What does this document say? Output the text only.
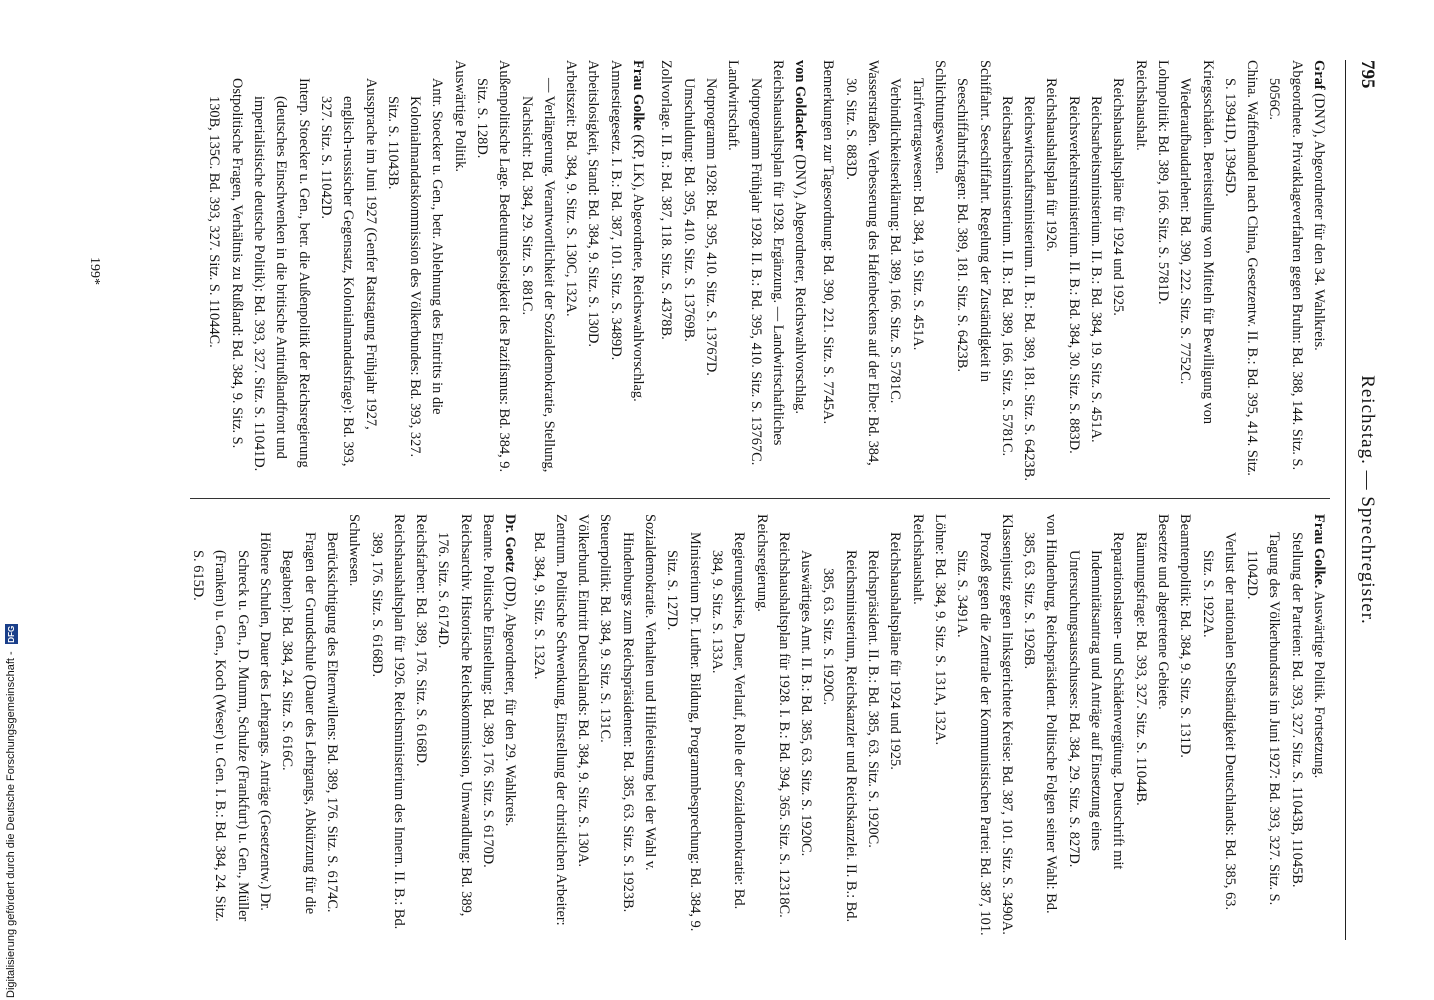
795
Reichstag. — Sprechregister.

Graf (DNV), Abgeordneter für den 34. Wahlkreis.

Abgeordnete. Privatklageverfahren gegen Bruhn: Bd. 388, 144. Sitz. S. 5056C.

China. Waffenhandel nach China, Gesetzentw. II. B.: Bd. 395, 414. Sitz. S. 13941D, 13945D.

Kriegsschäden. Bereitstellung von Mitteln für Bewilligung von Wiederaufbaudarlehen: Bd. 390, 222. Sitz. S. 7752C.

Lohnpolitik: Bd. 389, 166. Sitz. S. 5781D.

Reichshaushalt.

Reichshaushaltspläne für 1924 und 1925.

Reichsarbeitsministerium. II. B.: Bd. 384, 19. Sitz. S. 451A.

Reichsverkehrsministerium. II. B.: Bd. 384, 30. Sitz. S. 883D.

Reichshaushaltsplan für 1926.

Reichswirtschaftsministerium. II. B.: Bd. 389, 181. Sitz. S. 6423B.

Reichsarbeitsministerium. II. B.: Bd. 389, 166. Sitz. S. 5781C.

Schiffahrt. Seeschiffahrt. Regelung der Zuständigkeit in Seeschiffahrtsfragen: Bd. 389, 181. Sitz. S. 6423B.

Schlichtungswesen.

Tarifvertragswesen: Bd. 384, 19. Sitz. S. 451A.

Verbindlichkeitserklärung: Bd. 389, 166. Sitz. S. 5781C.

Wasserstraßen. Verbesserung des Hafenbeckens auf der Elbe: Bd. 384, 30. Sitz. S. 883D.

Bemerkungen zur Tagesordnung: Bd. 390, 221. Sitz. S. 7745A.

von Goldacker (DNV), Abgeordneter, Reichswahlvorschlag.

Reichshaushaltsplan für 1928. Ergänzung. — Landwirtschaftliches Notprogramm Frühjahr 1928. II. B.: Bd. 395, 410. Sitz. S. 13767C.

Landwirtschaft.

Notprogramm 1928: Bd. 395, 410. Sitz. S. 13767D.

Umschuldung: Bd. 395, 410. Sitz. S. 13769B.

Zollvorlage. II. B.: Bd. 387, 118. Sitz. S. 4378B.

Frau Golke (KP, LK), Abgeordnete, Reichswahlvorschlag.

Amnestiegesetz. I. B.: Bd. 387, 101. Sitz. S. 3489D.

Arbeitslosigkeit, Stand: Bd. 384, 9. Sitz. S. 130D.

Arbeitszeit: Bd. 384, 9. Sitz. S. 130C, 132A.

— Verlängerung. Verantwortlichkeit der Sozialdemokratie, Stellung, Nachsicht: Bd. 384, 29. Sitz. S. 881C.

Außenpolitische Lage. Bedeutungslosigkeit des Pazifismus: Bd. 384, 9. Sitz. S. 128D.

Auswärtige Politik.

Antr. Stoecker u. Gen., betr. Ablehnung des Eintritts in die Kolonialmandatskommission des Völkerbundes: Bd. 393, 327. Sitz. S. 11043B.

Aussprache im Juni 1927 (Genfer Ratstagung Frühjahr 1927, englisch-russischer Gegensatz, Kolonialmandatsfrage): Bd. 393, 327. Sitz. S. 11042D.

Interp. Stoecker u. Gen., betr. die Außenpolitik der Reichsregierung (deutsches Einschwenken in die britische Antirußlandfront und imperialistische deutsche Politik): Bd. 393, 327. Sitz. S. 11041D.

Ostpolitische Fragen, Verhältnis zu Rußland: Bd. 384, 9. Sitz. S. 130B, 135C. Bd. 393, 327. Sitz. S. 11044C.

Frau Golke. Auswärtige Politik. Fortsetzung.

Stellung der Parteien: Bd. 393, 327. Sitz. S. 11043B, 11045B.

Tagung des Völkerbundsrats im Juni 1927: Bd. 393, 327. Sitz. S. 11042D.

Verlust der nationalen Selbständigkeit Deutschlands: Bd. 385, 63. Sitz. S. 1922A.

Beamtenpolitik: Bd. 384, 9. Sitz. S. 131D.

Besetzte und abgetretene Gebiete.

Räumungsfrage: Bd. 393, 327. Sitz. S. 11044B.

Reparationslasten- und Schädenvergütung. Deutschrift mit Indemnitätsantrag und Anträge auf Einsetzung eines Untersuchungsausschusses: Bd. 384, 29. Sitz. S. 827D.

von Hindenburg, Reichspräsident. Politische Folgen seiner Wahl: Bd. 385, 63. Sitz. S. 1926B.

Klassenjustiz gegen linksgerichtete Kreise: Bd. 387, 101. Sitz. S. 3490A.

Prozeß gegen die Zentrale der Kommunistischen Partei: Bd. 387, 101. Sitz. S. 3491A.

Löhne: Bd. 384, 9. Sitz. S. 131A, 132A.

Reichshaushalt.

Reichshaushaltspläne für 1924 und 1925.

Reichspräsident. II. B.: Bd. 385, 63. Sitz. S. 1920C.

Reichsministerium, Reichskanzler und Reichskanzlei. II. B.: Bd. 385, 63. Sitz. S. 1920C.

Auswärtiges Amt. II. B.: Bd. 385, 63. Sitz. S. 1920C.

Reichshaushaltsplan für 1928. I. B.: Bd. 394, 365. Sitz. S. 12318C.

Reichsregierung.

Regierungskrise, Dauer, Verlauf, Rolle der Sozialdemokratie: Bd. 384, 9. Sitz. S. 133A.

Ministerium Dr. Luther. Bildung, Programmbesprechung: Bd. 384, 9. Sitz. S. 127D.

Sozialdemokratie. Verhalten und Hilfeleistung bei der Wahl v. Hindenburgs zum Reichspräsidenten: Bd. 385, 63. Sitz. S. 1923B.

Steuerpolitik: Bd. 384, 9. Sitz. S. 131C.

Völkerbund. Eintritt Deutschlands: Bd. 384, 9. Sitz. S. 130A.

Zentrum. Politische Schwenkung, Einstellung der christlichen Arbeiter: Bd. 384, 9. Sitz. S. 132A.

Dr. Goetz (DD), Abgeordneter, für den 29. Wahlkreis.

Beamte. Politische Einstellung: Bd. 389, 176. Sitz. S. 6170D.

Reichsarchiv. Historische Reichskommission, Umwandlung: Bd. 389, 176. Sitz. S. 6174D.

Reichsfarben: Bd. 389, 176. Sitz. S. 6168D.

Reichshaushaltsplan für 1926. Reichsministerium des Innern. II. B.: Bd. 389, 176. Sitz. S. 6168D.

Schulwesen.

Berücksichtigung des Elternwillens: Bd. 389, 176. Sitz. S. 6174C.

Fragen der Grundschule (Dauer des Lehrgangs, Abkürzung für die Begabten): Bd. 384, 24. Sitz. S. 616C.

Höhere Schulen, Dauer des Lehrgangs. Anträge (Gesetzentw.) Dr. Schreck u. Gen., D. Mumm, Schulze (Frankfurt) u. Gen., Müller (Franken) u. Gen., Koch (Weser) u. Gen. I. B.: Bd. 384, 24. Sitz. S. 615D.

199*
Digitalisierung gefördert durch die Deutsche Forschungsgemeinschaft - DFG
